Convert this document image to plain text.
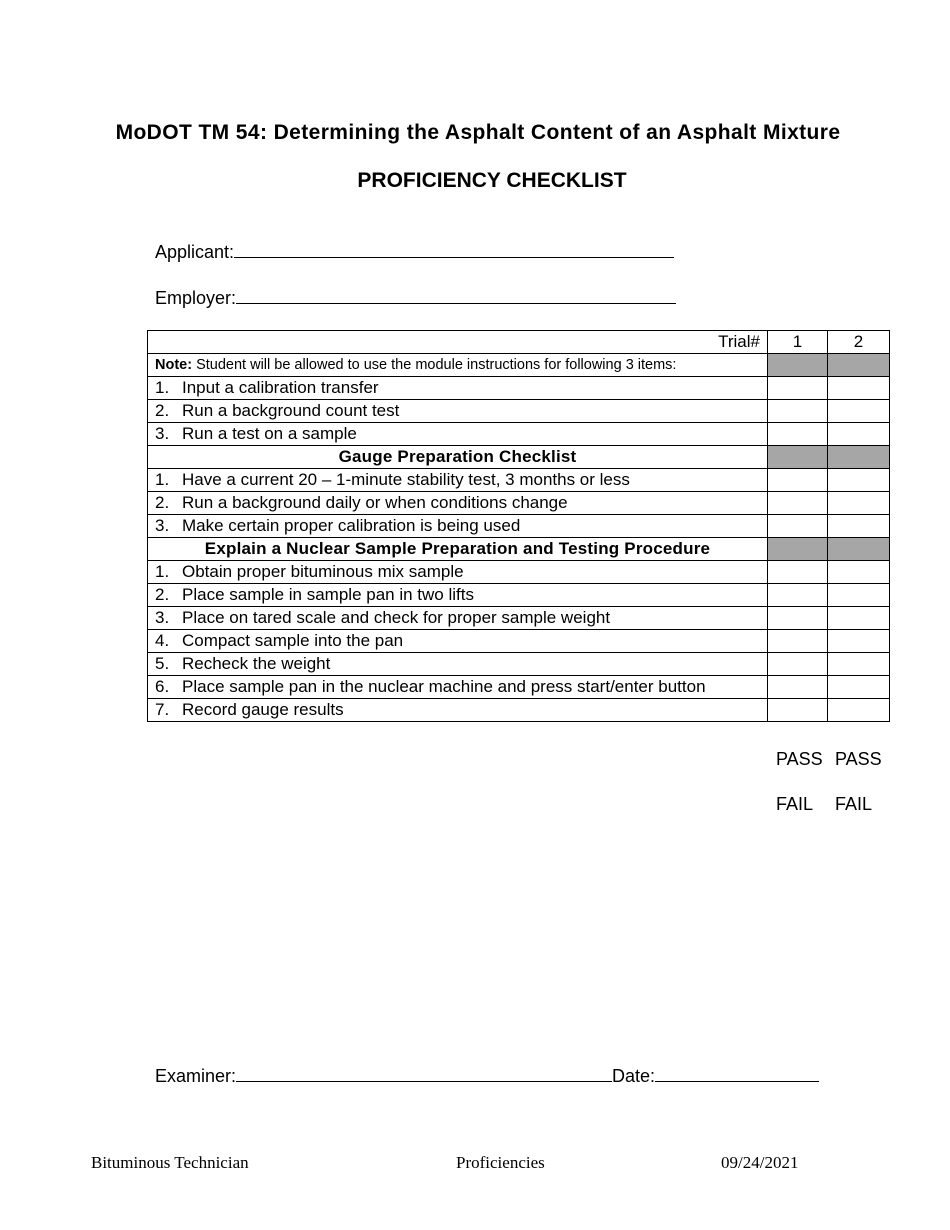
MoDOT TM 54: Determining the Asphalt Content of an Asphalt Mixture
PROFICIENCY CHECKLIST
Applicant:
Employer:
Trial#	1	2
Note: Student will be allowed to use the module instructions for following 3 items:		
1. Input a calibration transfer		
2. Run a background count test		
3. Run a test on a sample		
Gauge Preparation Checklist		
1. Have a current 20 – 1-minute stability test, 3 months or less		
2. Run a background daily or when conditions change		
3. Make certain proper calibration is being used		
Explain a Nuclear Sample Preparation and Testing Procedure		
1. Obtain proper bituminous mix sample		
2. Place sample in sample pan in two lifts		
3. Place on tared scale and check for proper sample weight		
4. Compact sample into the pan		
5. Recheck the weight		
6. Place sample pan in the nuclear machine and press start/enter button		
7. Record gauge results		
PASS PASS
FAIL FAIL
Examiner:	Date:
Bituminous Technician	Proficiencies	09/24/2021
